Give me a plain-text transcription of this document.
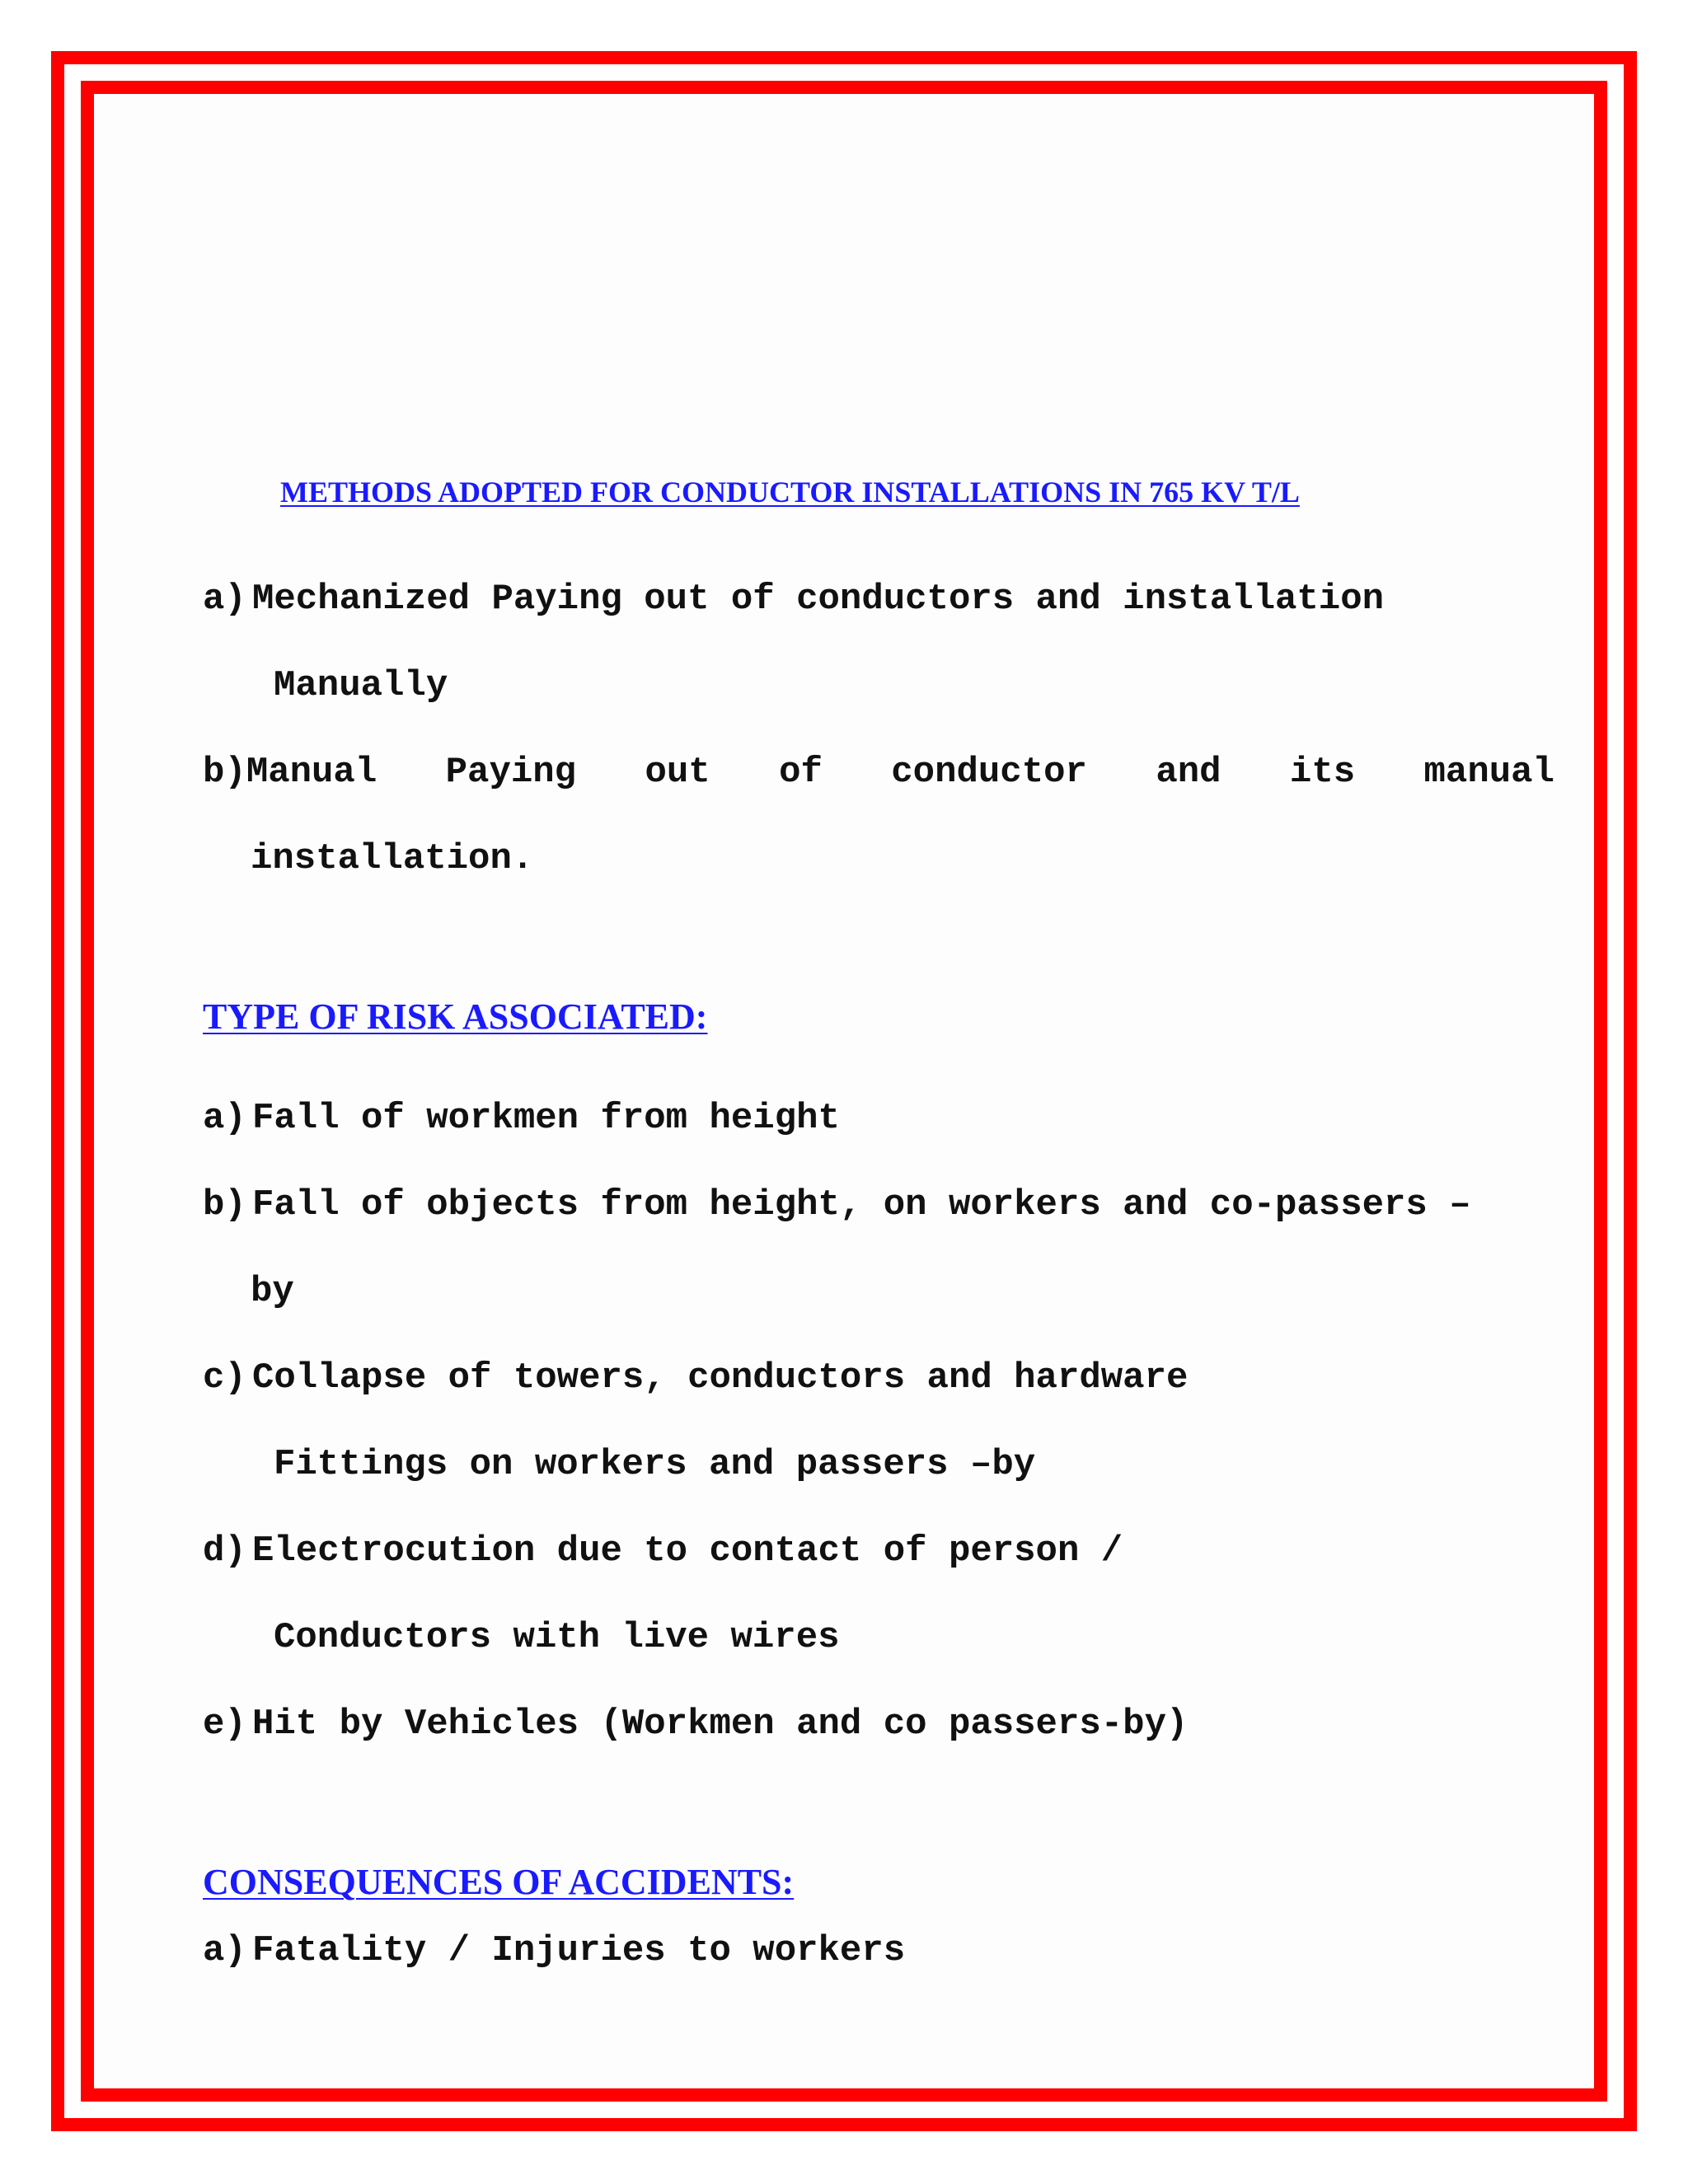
METHODS ADOPTED FOR CONDUCTOR INSTALLATIONS IN 765 KV T/L
a) Mechanized Paying out of conductors and installation
Manually
b)Manual Paying out of conductor and its manual
installation.
TYPE OF RISK ASSOCIATED:
a) Fall of workmen from height
b) Fall of objects from height, on workers and co-passers –
by
c) Collapse of towers, conductors and hardware
Fittings on workers and passers –by
d) Electrocution due to contact of person /
Conductors with live wires
e) Hit by Vehicles (Workmen and co passers-by)
CONSEQUENCES OF ACCIDENTS:
a) Fatality / Injuries to workers
